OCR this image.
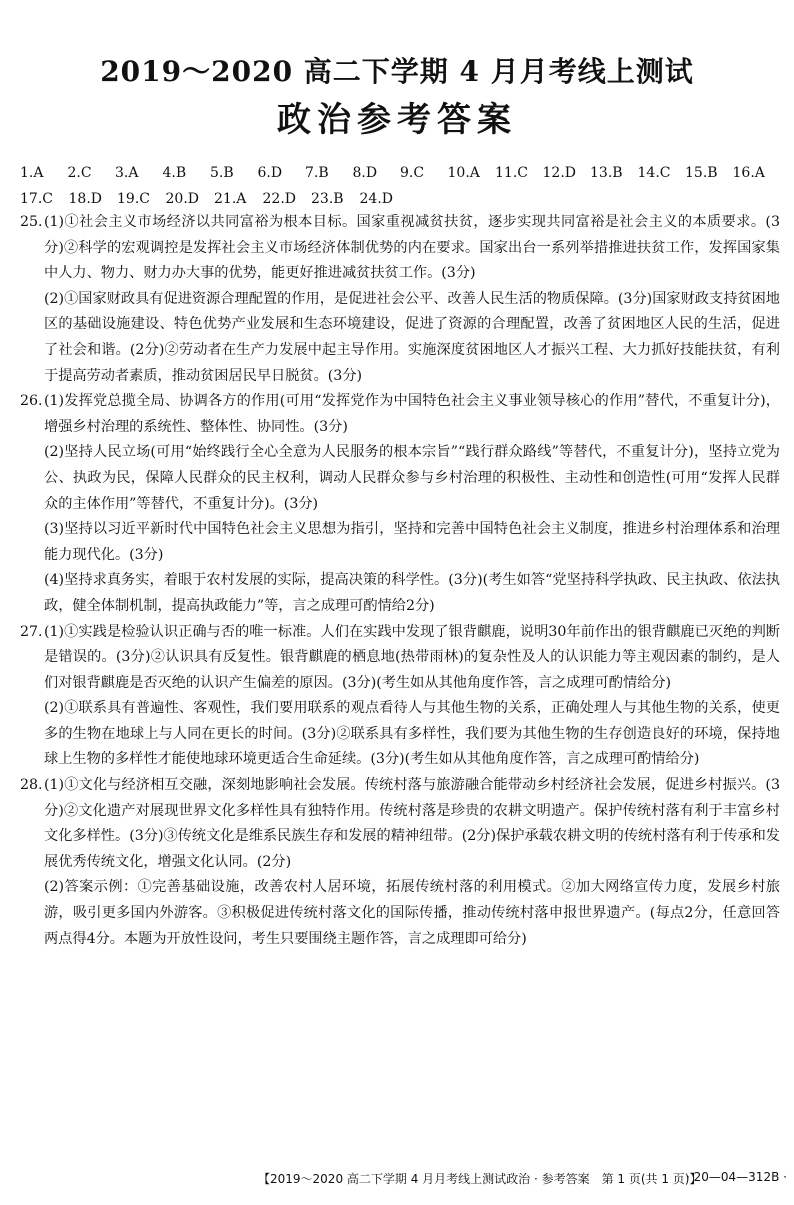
2019～2020 高二下学期 4 月月考线上测试
政治参考答案
1.A	2.C	3.A	4.B	5.B	6.D	7.B	8.D	9.C	10.A	11.C	12.D	13.B	14.C	15.B	16.A
17.C	18.D	19.C	20.D	21.A	22.D	23.B	24.D
25. (1)①社会主义市场经济以共同富裕为根本目标。国家重视减贫扶贫，逐步实现共同富裕是社会主义的本质要求。(3分)②科学的宏观调控是发挥社会主义市场经济体制优势的内在要求。国家出台一系列举措推进扶贫工作，发挥国家集中人力、物力、财力办大事的优势，能更好推进减贫扶贫工作。(3分)

(2)①国家财政具有促进资源合理配置的作用，是促进社会公平、改善人民生活的物质保障。(3分)国家财政支持贫困地区的基础设施建设、特色优势产业发展和生态环境建设，促进了资源的合理配置，改善了贫困地区人民的生活，促进了社会和谐。(2分)②劳动者在生产力发展中起主导作用。实施深度贫困地区人才振兴工程、大力抓好技能扶贫，有利于提高劳动者素质，推动贫困居民早日脱贫。(3分)

26. (1)发挥党总揽全局、协调各方的作用(可用“发挥党作为中国特色社会主义事业领导核心的作用”替代，不重复计分)，增强乡村治理的系统性、整体性、协同性。(3分)

(2)坚持人民立场(可用“始终践行全心全意为人民服务的根本宗旨”“践行群众路线”等替代，不重复计分)，坚持立党为公、执政为民，保障人民群众的民主权利，调动人民群众参与乡村治理的积极性、主动性和创造性(可用“发挥人民群众的主体作用”等替代，不重复计分)。(3分)

(3)坚持以习近平新时代中国特色社会主义思想为指引，坚持和完善中国特色社会主义制度，推进乡村治理体系和治理能力现代化。(3分)

(4)坚持求真务实，着眼于农村发展的实际，提高决策的科学性。(3分)(考生如答“党坚持科学执政、民主执政、依法执政，健全体制机制，提高执政能力”等，言之成理可酌情给2分)

27. (1)①实践是检验认识正确与否的唯一标准。人们在实践中发现了银背麒鹿，说明30年前作出的银背麒鹿已灭绝的判断是错误的。(3分)②认识具有反复性。银背麒鹿的栖息地(热带雨林)的复杂性及人的认识能力等主观因素的制约，是人们对银背麒鹿是否灭绝的认识产生偏差的原因。(3分)(考生如从其他角度作答，言之成理可酌情给分)

(2)①联系具有普遍性、客观性，我们要用联系的观点看待人与其他生物的关系，正确处理人与其他生物的关系，使更多的生物在地球上与人同在更长的时间。(3分)②联系具有多样性，我们要为其他生物的生存创造良好的环境，保持地球上生物的多样性才能使地球环境更适合生命延续。(3分)(考生如从其他角度作答，言之成理可酌情给分)

28. (1)①文化与经济相互交融，深刻地影响社会发展。传统村落与旅游融合能带动乡村经济社会发展，促进乡村振兴。(3分)②文化遗产对展现世界文化多样性具有独特作用。传统村落是珍贵的农耕文明遗产。保护传统村落有利于丰富乡村文化多样性。(3分)③传统文化是维系民族生存和发展的精神纽带。(2分)保护承载农耕文明的传统村落有利于传承和发展优秀传统文化，增强文化认同。(2分)

(2)答案示例：①完善基础设施，改善农村人居环境，拓展传统村落的利用模式。②加大网络宣传力度，发展乡村旅游，吸引更多国内外游客。③积极促进传统村落文化的国际传播，推动传统村落申报世界遗产。(每点2分，任意回答两点得4分。本题为开放性设问，考生只要围绕主题作答，言之成理即可给分)

【2019～2020 高二下学期 4 月月考线上测试政治 · 参考答案　第 1 页(共 1 页)】
· 20—04—312B ·
